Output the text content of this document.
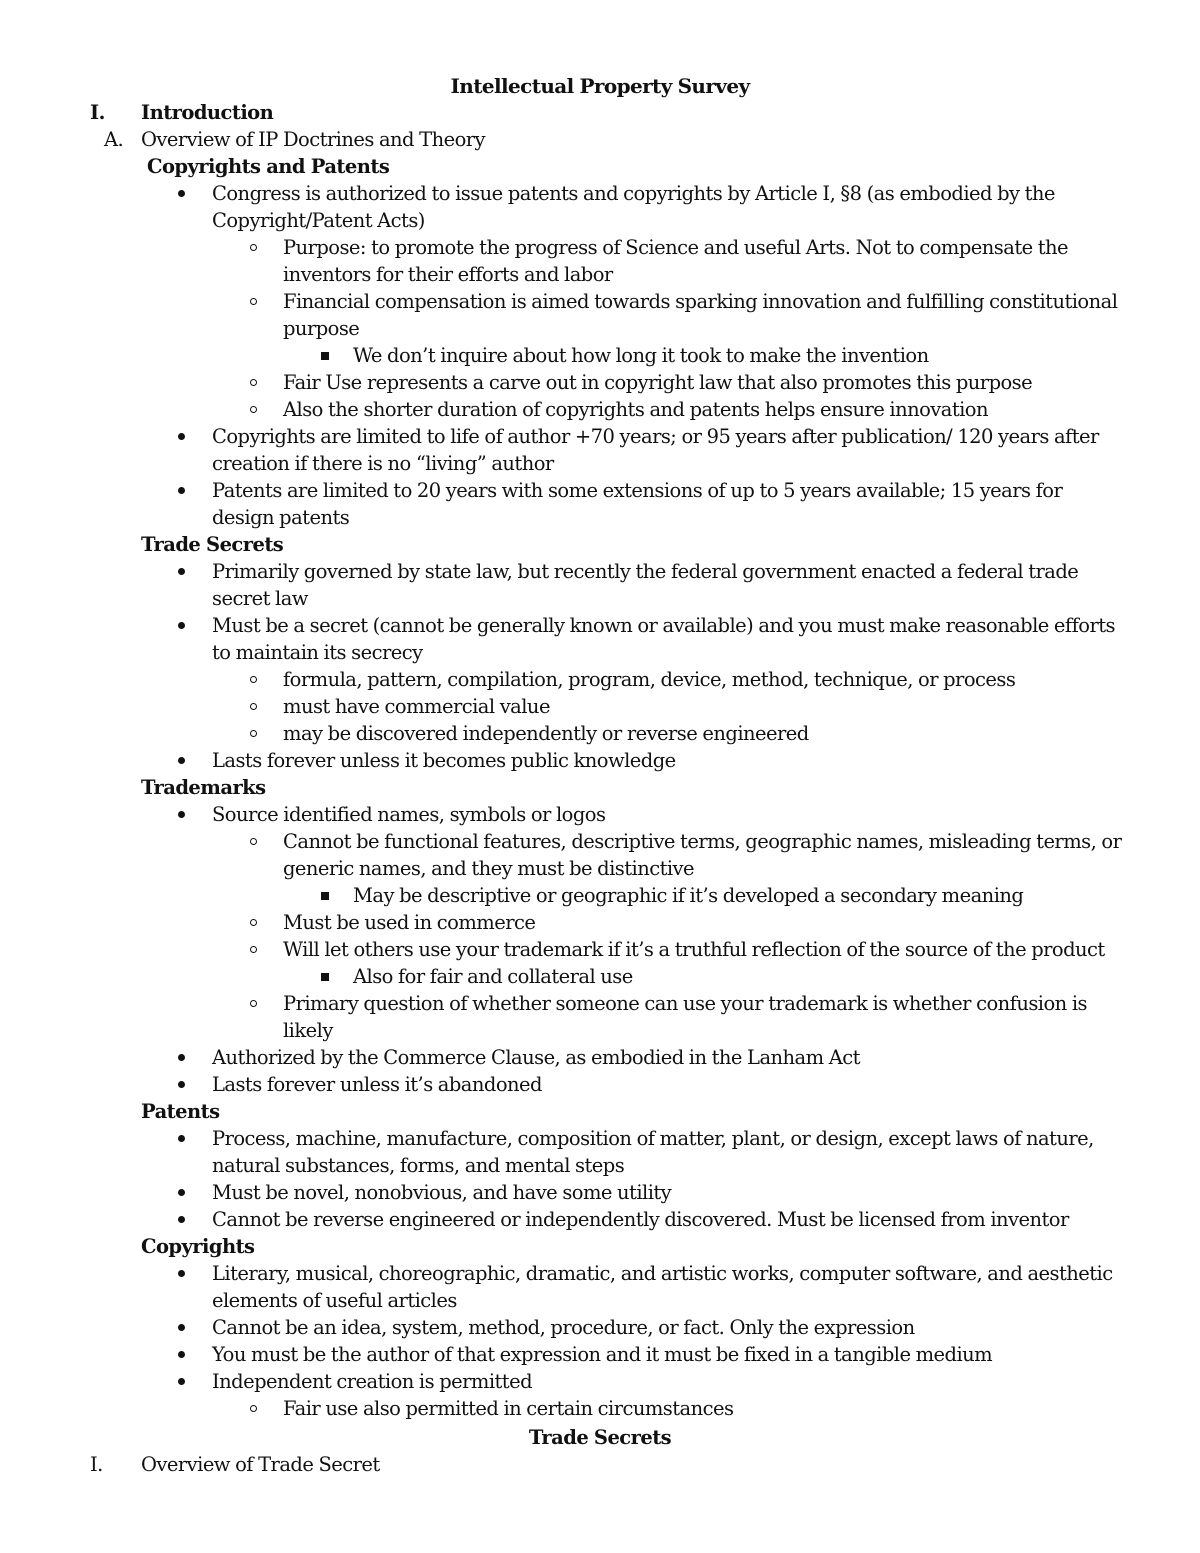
Intellectual Property Survey

I. Introduction

A. Overview of IP Doctrines and Theory

Copyrights and Patents

Congress is authorized to issue patents and copyrights by Article I, §8 (as embodied by the

Copyright/Patent Acts)

Purpose: to promote the progress of Science and useful Arts. Not to compensate the

inventors for their efforts and labor

Financial compensation is aimed towards sparking innovation and fulfilling constitutional

purpose

We don’t inquire about how long it took to make the invention

Fair Use represents a carve out in copyright law that also promotes this purpose

Also the shorter duration of copyrights and patents helps ensure innovation

Copyrights are limited to life of author +70 years; or 95 years after publication/ 120 years after

creation if there is no “living” author

Patents are limited to 20 years with some extensions of up to 5 years available; 15 years for

design patents

Trade Secrets

Primarily governed by state law, but recently the federal government enacted a federal trade

secret law

Must be a secret (cannot be generally known or available) and you must make reasonable efforts

to maintain its secrecy

formula, pattern, compilation, program, device, method, technique, or process

must have commercial value

may be discovered independently or reverse engineered

Lasts forever unless it becomes public knowledge

Trademarks

Source identified names, symbols or logos

Cannot be functional features, descriptive terms, geographic names, misleading terms, or

generic names, and they must be distinctive

May be descriptive or geographic if it’s developed a secondary meaning

Must be used in commerce

Will let others use your trademark if it’s a truthful reflection of the source of the product

Also for fair and collateral use

Primary question of whether someone can use your trademark is whether confusion is

likely

Authorized by the Commerce Clause, as embodied in the Lanham Act

Lasts forever unless it’s abandoned

Patents

Process, machine, manufacture, composition of matter, plant, or design, except laws of nature,

natural substances, forms, and mental steps

Must be novel, nonobvious, and have some utility

Cannot be reverse engineered or independently discovered. Must be licensed from inventor

Copyrights

Literary, musical, choreographic, dramatic, and artistic works, computer software, and aesthetic

elements of useful articles

Cannot be an idea, system, method, procedure, or fact. Only the expression

You must be the author of that expression and it must be fixed in a tangible medium

Independent creation is permitted

Fair use also permitted in certain circumstances

Trade Secrets

I. Overview of Trade Secret
